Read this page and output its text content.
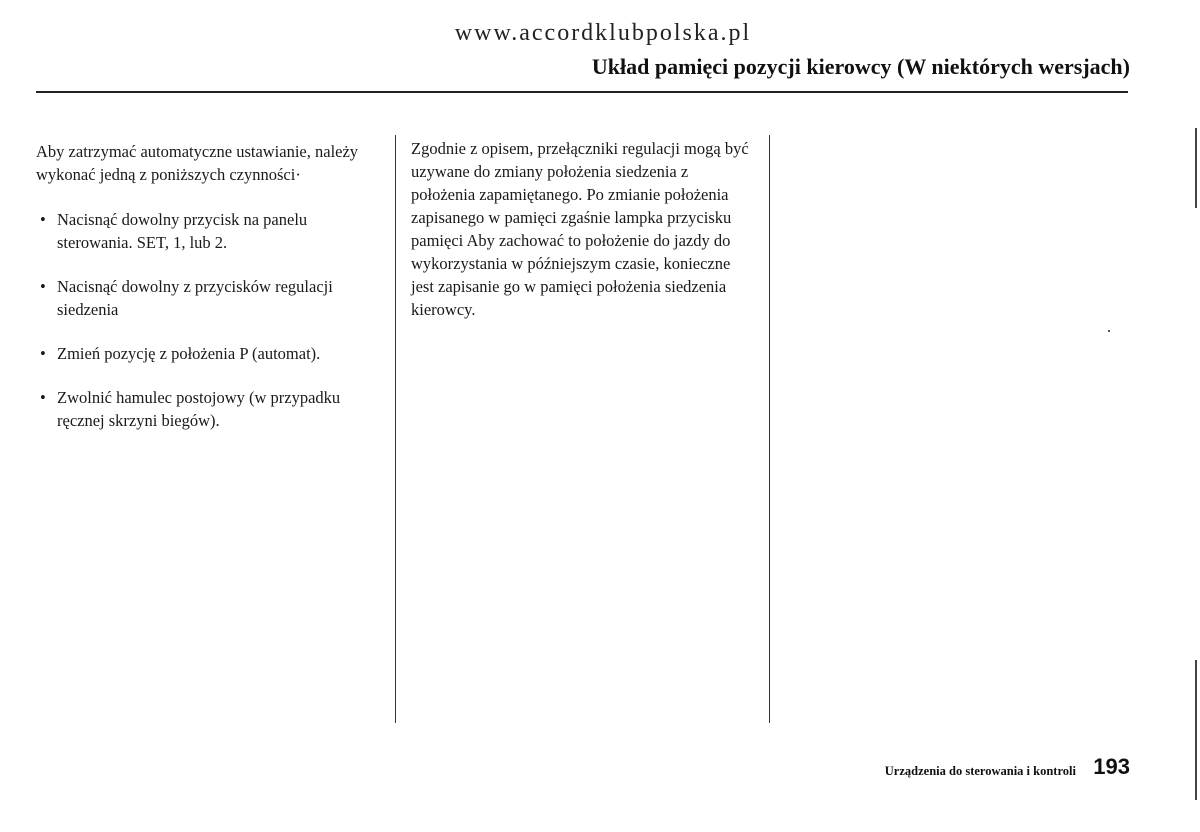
www.accordklubpolska.pl
Układ pamięci pozycji kierowcy (W niektórych wersjach)

Aby zatrzymać automatyczne ustawianie, należy wykonać jedną z poniższych czynności·

• Nacisnąć dowolny przycisk na panelu sterowania. SET, 1, lub 2.
• Nacisnąć dowolny z przycisków regulacji siedzenia
• Zmień pozycję z położenia P (automat).
• Zwolnić hamulec postojowy (w przypadku ręcznej skrzyni biegów).

Zgodnie z opisem, przełączniki regulacji mogą być uzywane do zmiany położenia siedzenia z położenia zapamiętanego. Po zmianie położenia zapisanego w pamięci zgaśnie lampka przycisku pamięci Aby zachować to położenie do jazdy do wykorzystania w późniejszym czasie, konieczne jest zapisanie go w pamięci położenia siedzenia kierowcy.

Urządzenia do sterowania i kontroli 193
